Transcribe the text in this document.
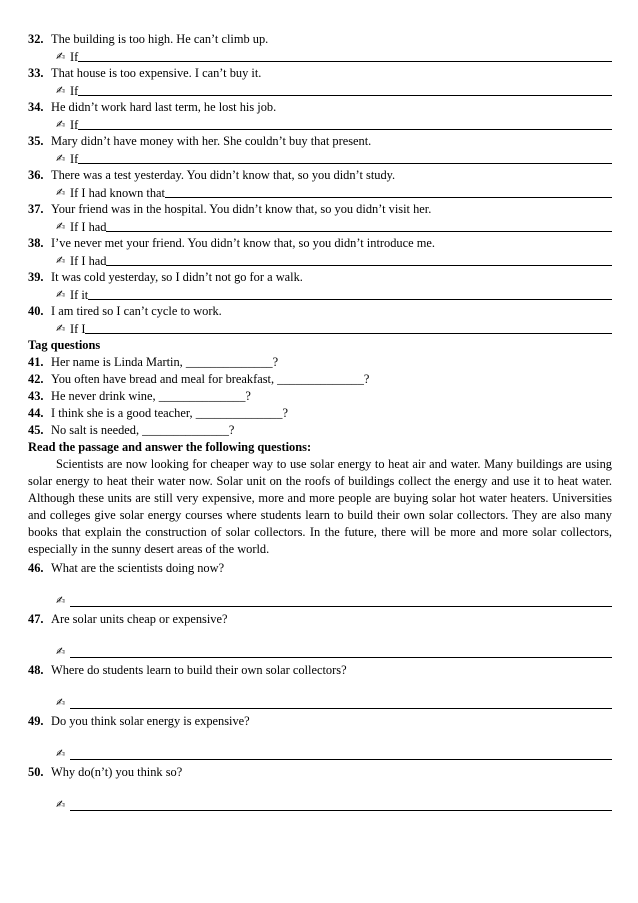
32. The building is too high. He can’t climb up.
✍ If
33. That house is too expensive. I can’t buy it.
✍ If
34. He didn’t work hard last term, he lost his job.
✍ If
35. Mary didn’t have money with her. She couldn’t buy that present.
✍ If
36. There was a test yesterday. You didn’t know that, so you didn’t study.
✍ If I had known that
37. Your friend was in the hospital. You didn’t know that, so you didn’t visit her.
✍ If I had
38. I’ve never met your friend. You didn’t know that, so you didn’t introduce me.
✍ If I had
39. It was cold yesterday, so I didn’t not go for a walk.
✍ If it
40. I am tired so I can’t cycle to work.
✍ If I
Tag questions
41. Her name is Linda Martin, ______________?
42. You often have bread and meal for breakfast, ______________?
43. He never drink wine, ______________?
44. I think she is a good teacher, ______________?
45. No salt is needed, ______________?
Read the passage and answer the following questions:

Scientists are now looking for cheaper way to use solar energy to heat air and water. Many buildings are using solar energy to heat their water now. Solar unit on the roofs of buildings collect the energy and use it to heat water. Although these units are still very expensive, more and more people are buying solar hot water heaters. Universities and colleges give solar energy courses where students learn to build their own solar collectors. They are also many books that explain the construction of solar collectors. In the future, there will be more and more solar collectors, especially in the sunny desert areas of the world.

46. What are the scientists doing now?
✍
47. Are solar units cheap or expensive?
✍
48. Where do students learn to build their own solar collectors?
✍
49. Do you think solar energy is expensive?
✍
50. Why do(n’t) you think so?
✍
